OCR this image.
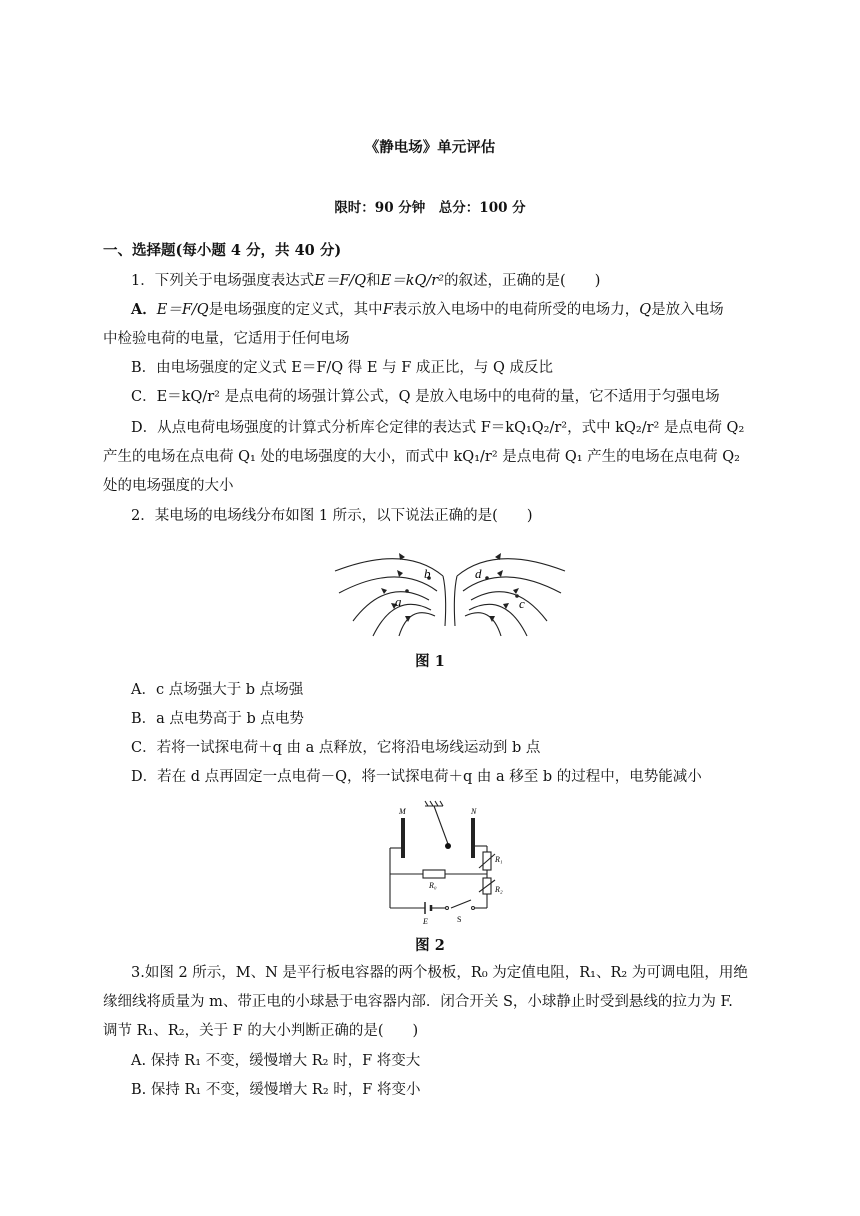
《静电场》单元评估
限时：90 分钟　总分：100 分
一、选择题(每小题 4 分，共 40 分)
1．下列关于电场强度表达式E＝F/Q和E＝kQ/r²的叙述，正确的是(　　)
A．E＝F/Q是电场强度的定义式，其中F表示放入电场中的电荷所受的电场力，Q是放入电场
中检验电荷的电量，它适用于任何电场
B．由电场强度的定义式 E＝F/Q 得 E 与 F 成正比，与 Q 成反比
C．E＝kQ/r² 是点电荷的场强计算公式，Q 是放入电场中的电荷的量，它不适用于匀强电场
D．从点电荷电场强度的计算式分析库仑定律的表达式 F＝kQ₁Q₂/r²，式中 kQ₂/r² 是点电荷 Q₂
产生的电场在点电荷 Q₁ 处的电场强度的大小，而式中 kQ₁/r² 是点电荷 Q₁ 产生的电场在点电荷 Q₂
处的电场强度的大小
2．某电场的电场线分布如图 1 所示，以下说法正确的是(　　)
a
b
c
d
图 1
A．c 点场强大于 b 点场强
B．a 点电势高于 b 点电势
C．若将一试探电荷＋q 由 a 点释放，它将沿电场线运动到 b 点
D．若在 d 点再固定一点电荷－Q，将一试探电荷＋q 由 a 移至 b 的过程中，电势能减小
M	N
R₀
R₁
R₂
E	S
图 2
3.如图 2 所示，M、N 是平行板电容器的两个极板，R₀ 为定值电阻，R₁、R₂ 为可调电阻，用绝
缘细线将质量为 m、带正电的小球悬于电容器内部．闭合开关 S，小球静止时受到悬线的拉力为 F.
调节 R₁、R₂，关于 F 的大小判断正确的是(　　)
A. 保持 R₁ 不变，缓慢增大 R₂ 时，F 将变大
B. 保持 R₁ 不变，缓慢增大 R₂ 时，F 将变小
